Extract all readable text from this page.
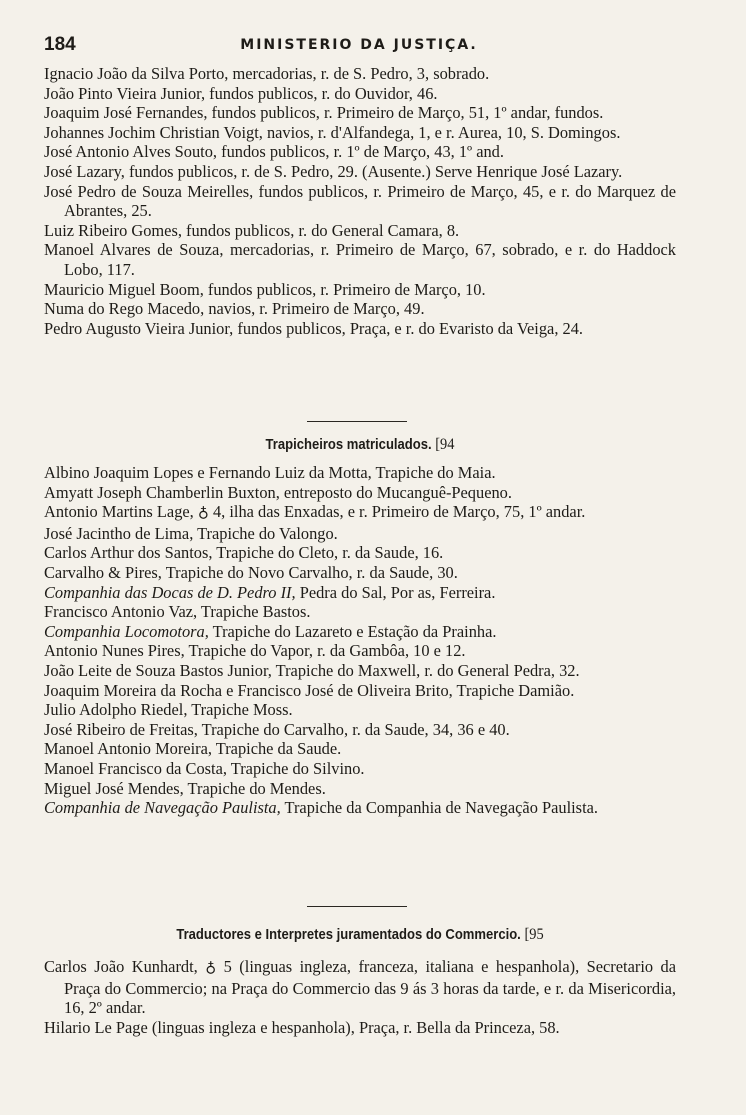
184	MINISTERIO DA JUSTIÇA.
Ignacio João da Silva Porto, mercadorias, r. de S. Pedro, 3, sobrado.
João Pinto Vieira Junior, fundos publicos, r. do Ouvidor, 46.
Joaquim José Fernandes, fundos publicos, r. Primeiro de Março, 51, 1º andar, fundos.
Johannes Jochim Christian Voigt, navios, r. d'Alfandega, 1, e r. Aurea, 10, S. Domingos.
José Antonio Alves Souto, fundos publicos, r. 1º de Março, 43, 1º and.
José Lazary, fundos publicos, r. de S. Pedro, 29. (Ausente.) Serve Henrique José Lazary.
José Pedro de Souza Meirelles, fundos publicos, r. Primeiro de Março, 45, e r. do Marquez de Abrantes, 25.
Luiz Ribeiro Gomes, fundos publicos, r. do General Camara, 8.
Manoel Alvares de Souza, mercadorias, r. Primeiro de Março, 67, sobrado, e r. do Haddock Lobo, 117.
Mauricio Miguel Boom, fundos publicos, r. Primeiro de Março, 10.
Numa do Rego Macedo, navios, r. Primeiro de Março, 49.
Pedro Augusto Vieira Junior, fundos publicos, Praça, e r. do Evaristo da Veiga, 24.
Trapicheiros matriculados. [94
Albino Joaquim Lopes e Fernando Luiz da Motta, Trapiche do Maia.
Amyatt Joseph Chamberlin Buxton, entreposto do Mucanguê-Pequeno.
Antonio Martins Lage, ♁ 4, ilha das Enxadas, e r. Primeiro de Março, 75, 1º andar.
José Jacintho de Lima, Trapiche do Valongo.
Carlos Arthur dos Santos, Trapiche do Cleto, r. da Saude, 16.
Carvalho & Pires, Trapiche do Novo Carvalho, r. da Saude, 30.
Companhia das Docas de D. Pedro II, Pedra do Sal, Por as, Ferreira.
Francisco Antonio Vaz, Trapiche Bastos.
Companhia Locomotora, Trapiche do Lazareto e Estação da Prainha.
Antonio Nunes Pires, Trapiche do Vapor, r. da Gambôa, 10 e 12.
João Leite de Souza Bastos Junior, Trapiche do Maxwell, r. do General Pedra, 32.
Joaquim Moreira da Rocha e Francisco José de Oliveira Brito, Trapiche Damião.
Julio Adolpho Riedel, Trapiche Moss.
José Ribeiro de Freitas, Trapiche do Carvalho, r. da Saude, 34, 36 e 40.
Manoel Antonio Moreira, Trapiche da Saude.
Manoel Francisco da Costa, Trapiche do Silvino.
Miguel José Mendes, Trapiche do Mendes.
Companhia de Navegação Paulista, Trapiche da Companhia de Navegação Paulista.
Traductores e Interpretes juramentados do Commercio. [95
Carlos João Kunhardt, ♁ 5 (linguas ingleza, franceza, italiana e hespanhola), Secretario da Praça do Commercio; na Praça do Commercio das 9 ás 3 horas da tarde, e r. da Misericordia, 16, 2º andar.
Hilario Le Page (linguas ingleza e hespanhola), Praça, r. Bella da Princeza, 58.
